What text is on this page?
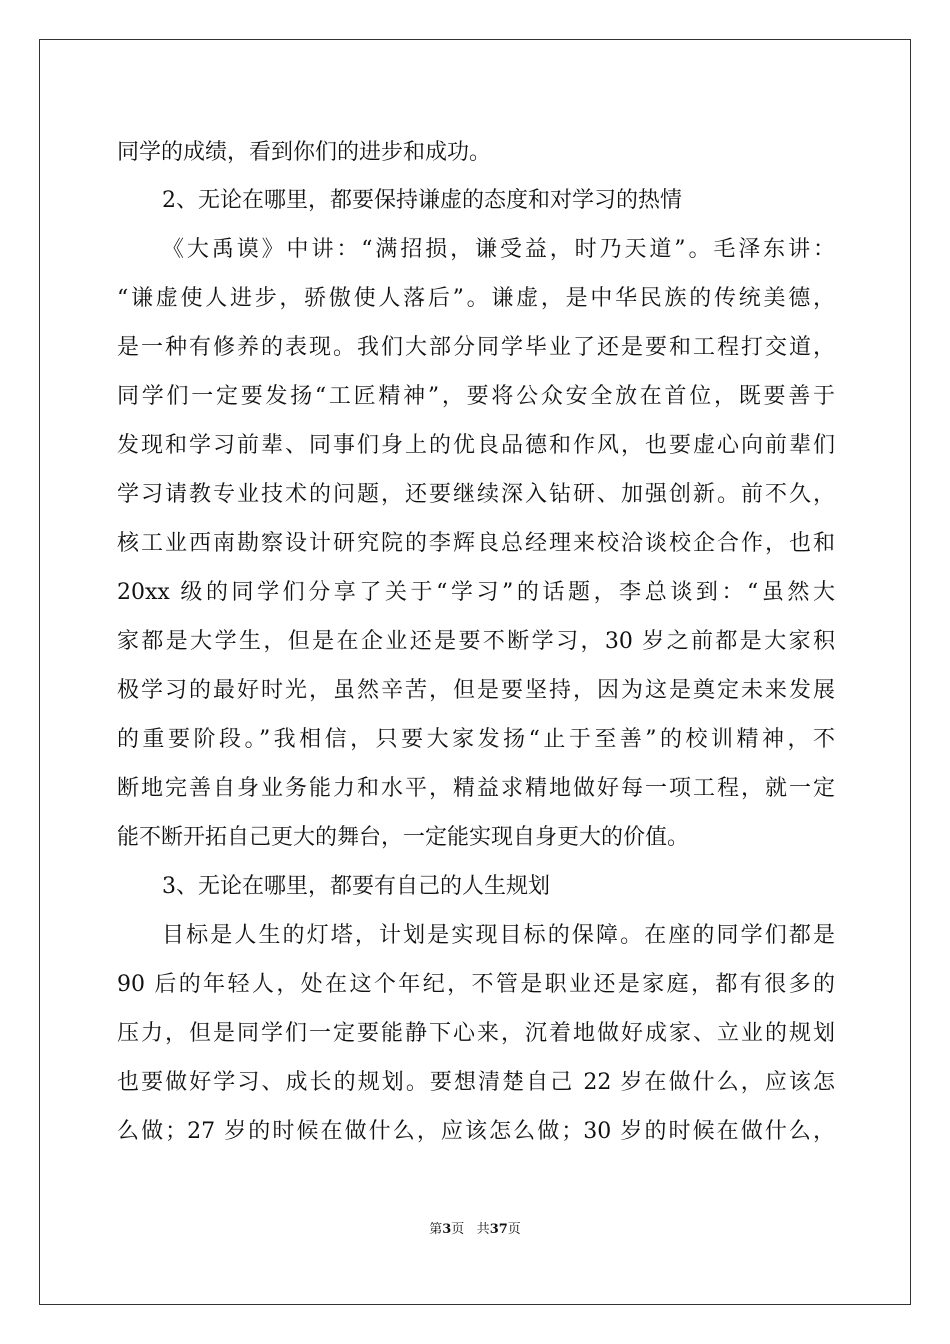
同学的成绩，看到你们的进步和成功。
2、无论在哪里，都要保持谦虚的态度和对学习的热情
《大禹谟》中讲：“满招损，谦受益，时乃天道”。毛泽东讲：
“谦虚使人进步，骄傲使人落后”。谦虚，是中华民族的传统美德，
是一种有修养的表现。我们大部分同学毕业了还是要和工程打交道，
同学们一定要发扬“工匠精神”，要将公众安全放在首位，既要善于
发现和学习前辈、同事们身上的优良品德和作风，也要虚心向前辈们
学习请教专业技术的问题，还要继续深入钻研、加强创新。前不久，
核工业西南勘察设计研究院的李辉良总经理来校洽谈校企合作，也和
20xx 级的同学们分享了关于“学习”的话题，李总谈到：“虽然大
家都是大学生，但是在企业还是要不断学习，30 岁之前都是大家积
极学习的最好时光，虽然辛苦，但是要坚持，因为这是奠定未来发展
的重要阶段。”我相信，只要大家发扬“止于至善”的校训精神，不
断地完善自身业务能力和水平，精益求精地做好每一项工程，就一定
能不断开拓自己更大的舞台，一定能实现自身更大的价值。
3、无论在哪里，都要有自己的人生规划
目标是人生的灯塔，计划是实现目标的保障。在座的同学们都是
90 后的年轻人，处在这个年纪，不管是职业还是家庭，都有很多的
压力，但是同学们一定要能静下心来，沉着地做好成家、立业的规划
也要做好学习、成长的规划。要想清楚自己 22 岁在做什么，应该怎
么做；27 岁的时候在做什么，应该怎么做；30 岁的时候在做什么，
第3页 共37页
